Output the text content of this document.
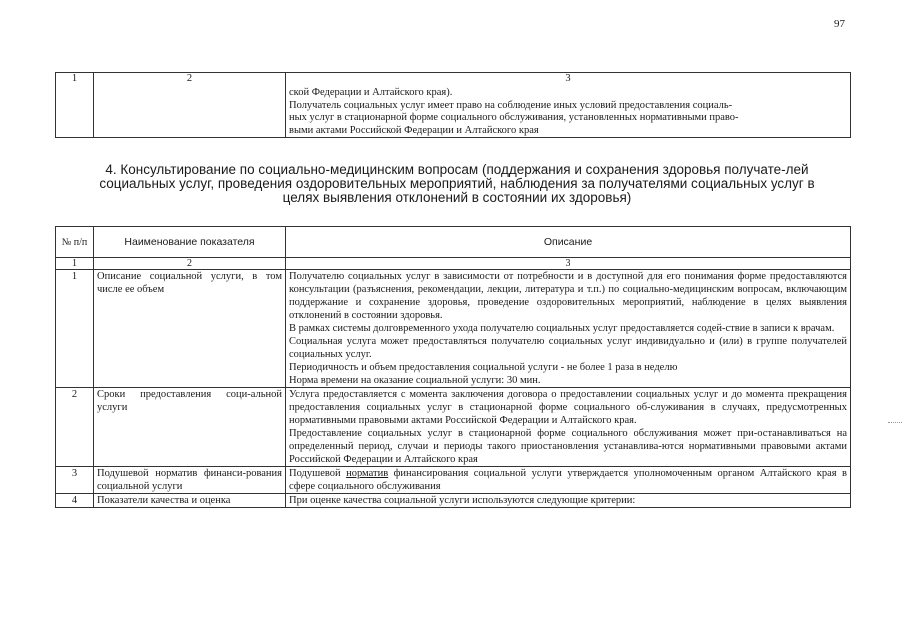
97
1	2	3

		ской Федерации и Алтайского края).
Получатель социальных услуг имеет право на соблюдение иных условий предоставления социаль-
ных услуг в стационарной форме социального обслуживания, установленных нормативными право-
выми актами Российской Федерации и Алтайского края
4. Консультирование по социально-медицинским вопросам (поддержания и сохранения здоровья получате-лей социальных услуг, проведения оздоровительных мероприятий, наблюдения за получателями социальных услуг в целях выявления отклонений в состоянии их здоровья)
№ п/п	Наименование показателя	Описание
1	2	3
1	Описание социальной услуги, в том числе ее объем	Получателю социальных услуг в зависимости от потребности и в доступной для его понимания форме предоставляются консультации (разъяснения, рекомендации, лекции, литература и т.п.) по социально-медицинским вопросам, включающим поддержание и сохранение здоровья, проведение оздоровительных мероприятий, наблюдение в целях выявления отклонений в состоянии здоровья.

В рамках системы долговременного ухода получателю социальных услуг предоставляется содей-ствие в записи к врачам.

Социальная услуга может предоставляться получателю социальных услуг индивидуально и (или) в группе получателей социальных услуг.

Периодичность и объем предоставления социальной услуги - не более 1 раза в неделю

Норма времени на оказание социальной услуги: 30 мин.

2	Сроки предоставления соци-альной услуги	Услуга предоставляется с момента заключения договора о предоставлении социальных услуг и до момента прекращения предоставления социальных услуг в стационарной форме социального об-служивания в случаях, предусмотренных нормативными правовыми актами Российской Федерации и Алтайского края.

Предоставление социальных услуг в стационарной форме социального обслуживания может при-останавливаться на определенный период, случаи и периоды такого приостановления устанавлива-ются нормативными правовыми актами Российской Федерации и Алтайского края

3	Подушевой норматив финанси-рования социальной услуги	Подушевой норматив финансирования социальной услуги утверждается уполномоченным органом Алтайского края в сфере социального обслуживания

4	Показатели качества и оценка	При оценке качества социальной услуги используются следующие критерии:
